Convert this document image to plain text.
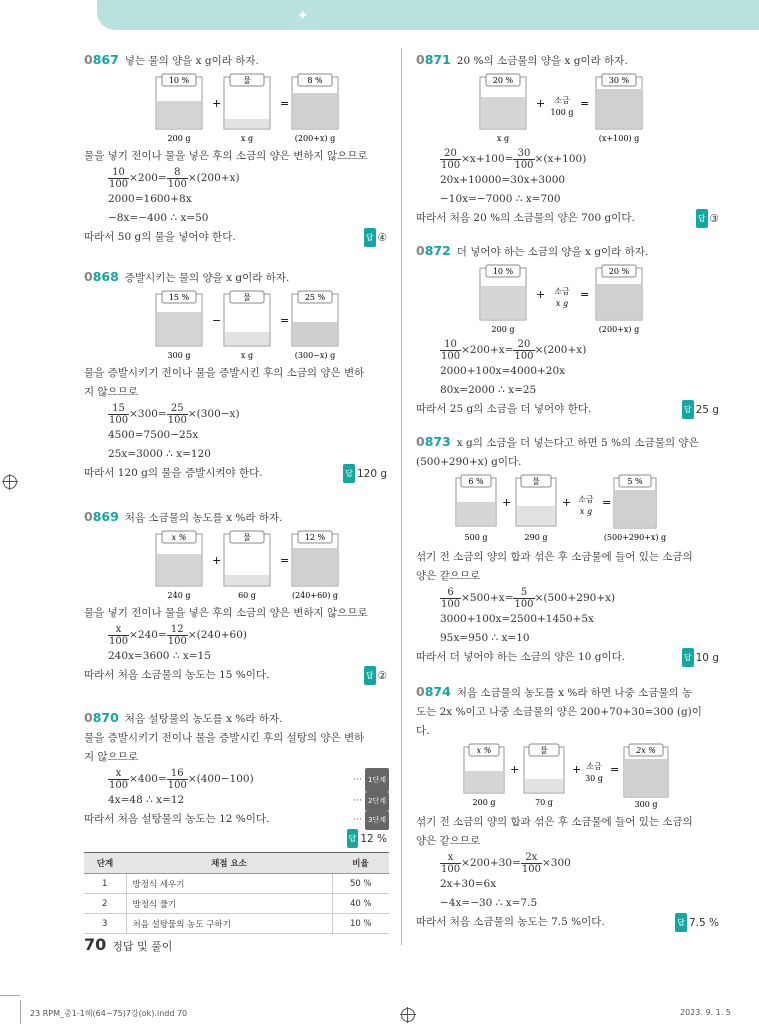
✦
0867 넣는 물의 양을 x g이라 하자.
10 %
+
물
=
8 %
200 g	x g	(200+x) g
물을 넣기 전이나 물을 넣은 후의 소금의 양은 변하지 않으므로
$\frac{10}{100} \times 200= \frac{8}{100} \times(200+x)$
2000=1600+8x
−8x=−400 ∴ x=50
따라서 50 g의 물을 넣어야 한다.	답 ④
0868 증발시키는 물의 양을 x g이라 하자.
15 %
−
물
=
25 %
300 g	x g	(300−x) g
물을 증발시키기 전이나 물을 증발시킨 후의 소금의 양은 변하
지 않으므로
$\frac{15}{100} \times 300= \frac{25}{100} \times(300-x)$
4500=7500−25x
25x=3000 ∴ x=120
따라서 120 g의 물을 증발시켜야 한다.	답 120 g
0869 처음 소금물의 농도를 x %라 하자.
x %
+
물
=
12 %
240 g	60 g	(240+60) g
물을 넣기 전이나 물을 넣은 후의 소금의 양은 변하지 않으므로
$\frac{x}{100} \times 240= \frac{12}{100} \times(240+60)$
240x=3600 ∴ x=15
따라서 처음 소금물의 농도는 15 %이다.	답 ②
0870 처음 설탕물의 농도를 x %라 하자.
물을 증발시키기 전이나 물을 증발시킨 후의 설탕의 양은 변하
지 않으므로
$\frac{x}{100} \times 400= \frac{16}{100} \times(400-100)$	··· 1단계
4x=48 ∴ x=12	··· 2단계
따라서 처음 설탕물의 농도는 12 %이다.	··· 3단계
답 12 %
단계	채점 요소	비율
1	방정식 세우기	50 %
2	방정식 풀기	40 %
3	처음 설탕물의 농도 구하기	10 %
0871 20 %의 소금물의 양을 x g이라 하자.
20 %
+ 소금
100 g
=
30 %
x g	(x+100) g
$\frac{20}{100} \times x+100= \frac{30}{100} \times(x+100)$
20x+10000=30x+3000
−10x=−7000 ∴ x=700
따라서 처음 20 %의 소금물의 양은 700 g이다.	답 ③
0872 더 넣어야 하는 소금의 양을 x g이라 하자.
10 %
+ 소금
x g
=
20 %
200 g	(200+x) g
$\frac{10}{100} \times 200+x= \frac{20}{100} \times(200+x)$
2000+100x=4000+20x
80x=2000 ∴ x=25
따라서 25 g의 소금을 더 넣어야 한다.	답 25 g
0873 x g의 소금을 더 넣는다고 하면 5 %의 소금물의 양은
(500+290+x) g이다.
6 %
+
물
+ 소금
x g
=
5 %
500 g	290 g	(500+290+x) g
섞기 전 소금의 양의 합과 섞은 후 소금물에 들어 있는 소금의
양은 같으므로
$\frac{6}{100} \times 500+x= \frac{5}{100} \times(500+290+x)$
3000+100x=2500+1450+5x
95x=950 ∴ x=10
따라서 더 넣어야 하는 소금의 양은 10 g이다.	답 10 g
0874 처음 소금물의 농도를 x %라 하면 나중 소금물의 농
도는 2x %이고 나중 소금물의 양은 200+70+30=300 (g)이
다.
x %
+
물
+ 소금
30 g
=
2x %
200 g	70 g	300 g
섞기 전 소금의 양의 합과 섞은 후 소금물에 들어 있는 소금의
양은 같으므로
$\frac{x}{100} \times 200+30= \frac{2x}{100} \times 300$
2x+30=6x
−4x=−30 ∴ x=7.5
따라서 처음 소금물의 농도는 7.5 %이다.	답 7.5 %
70 정답 및 풀이
23 RPM_중1-1해(64~75)7강(ok).indd 70	2023. 9. 1. 5
